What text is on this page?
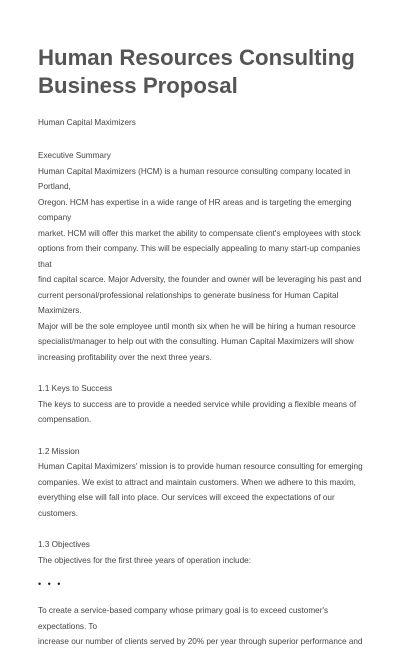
Human Resources Consulting
Business Proposal
Human Capital Maximizers
Executive Summary
Human Capital Maximizers (HCM) is a human resource consulting company located in Portland,
Oregon. HCM has expertise in a wide range of HR areas and is targeting the emerging company
market. HCM will offer this market the ability to compensate client's employees with stock
options from their company. This will be especially appealing to many start-up companies that
find capital scarce. Major Adversity, the founder and owner will be leveraging his past and
current personal/professional relationships to generate business for Human Capital Maximizers.
Major will be the sole employee until month six when he will be hiring a human resource
specialist/manager to help out with the consulting. Human Capital Maximizers will show
increasing profitability over the next three years.
1.1 Keys to Success
The keys to success are to provide a needed service while providing a flexible means of
compensation.
1.2 Mission
Human Capital Maximizers' mission is to provide human resource consulting for emerging
companies. We exist to attract and maintain customers. When we adhere to this maxim,
everything else will fall into place. Our services will exceed the expectations of our customers.
1.3 Objectives
The objectives for the first three years of operation include:
• • •
To create a service-based company whose primary goal is to exceed customer's expectations. To
increase our number of clients served by 20% per year through superior performance and
